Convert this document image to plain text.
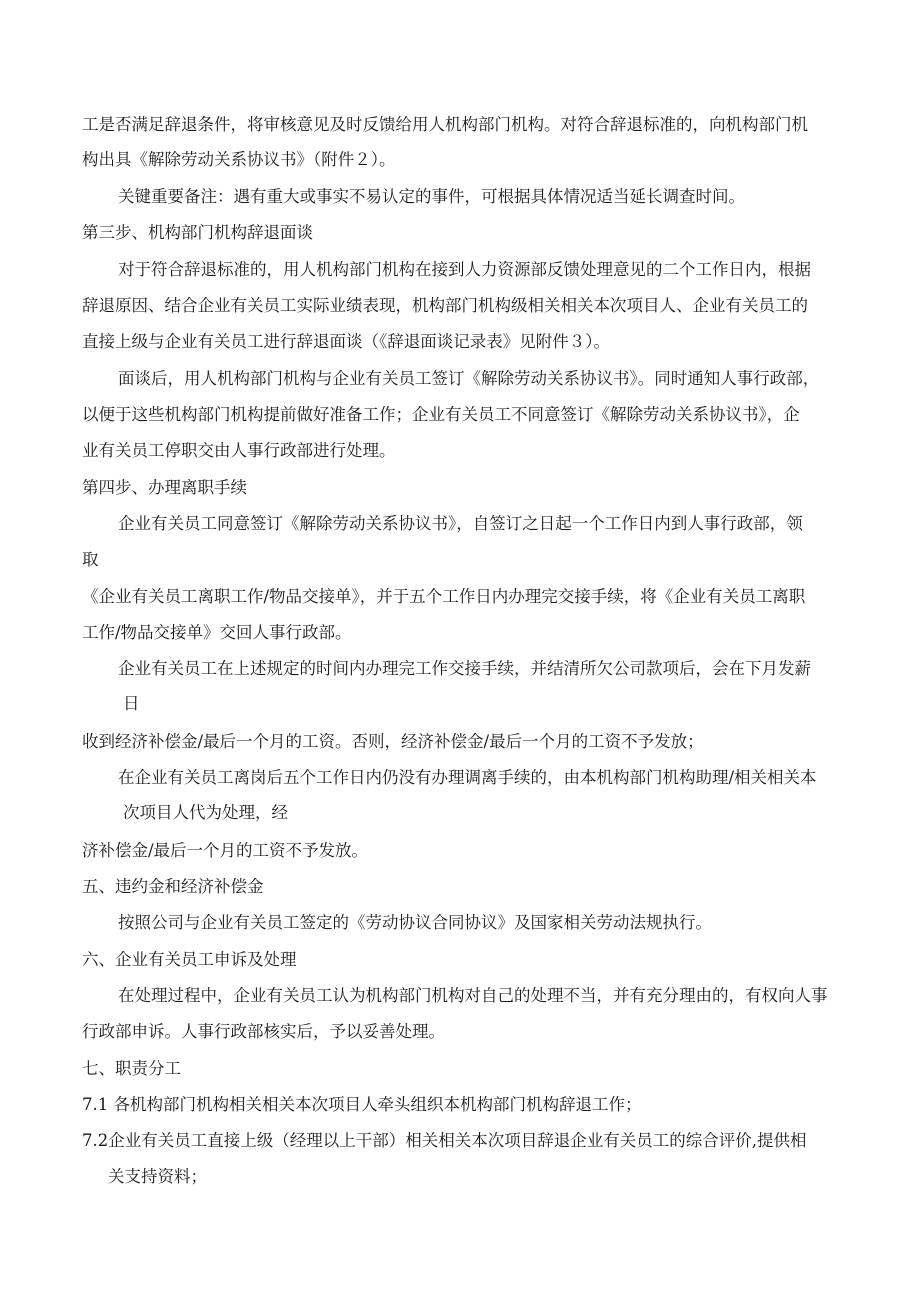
工是否满足辞退条件，将审核意见及时反馈给用人机构部门机构。对符合辞退标准的，向机构部门机
构出具《解除劳动关系协议书》（附件２）。
关键重要备注：遇有重大或事实不易认定的事件，可根据具体情况适当延长调查时间。
第三步、机构部门机构辞退面谈
对于符合辞退标准的，用人机构部门机构在接到人力资源部反馈处理意见的二个工作日内，根据
辞退原因、结合企业有关员工实际业绩表现，机构部门机构级相关相关本次项目人、企业有关员工的
直接上级与企业有关员工进行辞退面谈（《辞退面谈记录表》见附件３）。
面谈后，用人机构部门机构与企业有关员工签订《解除劳动关系协议书》。同时通知人事行政部，
以便于这些机构部门机构提前做好准备工作；企业有关员工不同意签订《解除劳动关系协议书》，企
业有关员工停职交由人事行政部进行处理。
第四步、办理离职手续
企业有关员工同意签订《解除劳动关系协议书》，自签订之日起一个工作日内到人事行政部，领
取
《企业有关员工离职工作/物品交接单》，并于五个工作日内办理完交接手续，将《企业有关员工离职
工作/物品交接单》交回人事行政部。
企业有关员工在上述规定的时间内办理完工作交接手续，并结清所欠公司款项后，会在下月发薪
日
收到经济补偿金/最后一个月的工资。否则，经济补偿金/最后一个月的工资不予发放；
在企业有关员工离岗后五个工作日内仍没有办理调离手续的，由本机构部门机构助理/相关相关本
次项目人代为处理，经
济补偿金/最后一个月的工资不予发放。
五、违约金和经济补偿金
按照公司与企业有关员工签定的《劳动协议合同协议》及国家相关劳动法规执行。
六、企业有关员工申诉及处理
在处理过程中，企业有关员工认为机构部门机构对自己的处理不当，并有充分理由的，有权向人事
行政部申诉。人事行政部核实后，予以妥善处理。
七、职责分工
7.1 各机构部门机构相关相关本次项目人牵头组织本机构部门机构辞退工作；
7.2企业有关员工直接上级（经理以上干部）相关相关本次项目辞退企业有关员工的综合评价,提供相
关支持资料；
